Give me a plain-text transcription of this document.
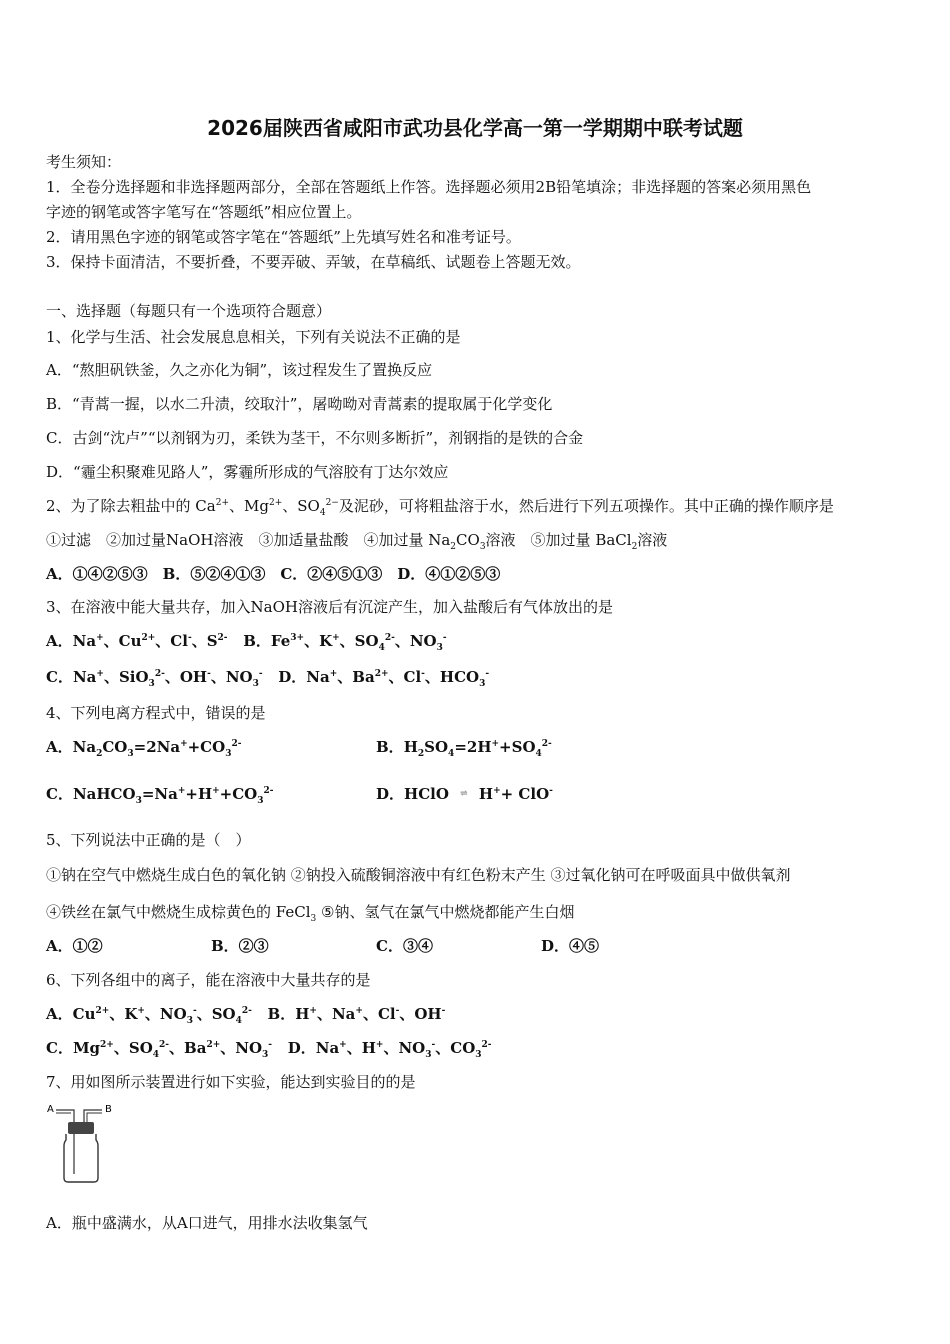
2026届陕西省咸阳市武功县化学高一第一学期期中联考试题
考生须知：
1．全卷分选择题和非选择题两部分，全部在答题纸上作答。选择题必须用2B铅笔填涂；非选择题的答案必须用黑色
字迹的钢笔或答字笔写在“答题纸”相应位置上。
2．请用黑色字迹的钢笔或答字笔在“答题纸”上先填写姓名和准考证号。
3．保持卡面清洁，不要折叠，不要弄破、弄皱，在草稿纸、试题卷上答题无效。
一、选择题（每题只有一个选项符合题意）
1、化学与生活、社会发展息息相关，下列有关说法不正确的是
A．“熬胆矾铁釜，久之亦化为铜”，该过程发生了置换反应
B．“青蒿一握，以水二升渍，绞取汁”，屠呦呦对青蒿素的提取属于化学变化
C．古剑“沈卢”“以剂钢为刃，柔铁为茎干，不尔则多断折”，剂钢指的是铁的合金
D．“霾尘积聚难见路人”，雾霾所形成的气溶胶有丁达尔效应
2、为了除去粗盐中的 $Ca^{2+}$、$Mg^{2+}$、$SO_4^{2-}$及泥砂，可将粗盐溶于水，然后进行下列五项操作。其中正确的操作顺序是
①过滤　②加过量NaOH溶液　③加适量盐酸　④加过量 $Na_2CO_3$溶液　⑤加过量 BaCl$_2$溶液
A．①④②⑤③　B．⑤②④①③　C．②④⑤①③　D．④①②⑤③
3、在溶液中能大量共存，加入NaOH溶液后有沉淀产生，加入盐酸后有气体放出的是
A．Na+、$Cu^{2+}$、Cl-、$S^{2-}$ B．$Fe^{3+}$、K+、$SO_4^{2-}$、$NO_3^-$
C．Na+、SiO$_3^{2-}$、OH-、$NO_3^-$ D．Na+、$Ba^{2+}$、Cl-、$HCO_3^-$
4、下列电离方程式中，错误的是
A．$Na_2CO_3=2Na^++CO_3^{2-}$	B．$H_2SO_4=2H^++SO_4^{2-}$
C．$NaHCO_3=Na^++H^++CO_3^{2-}$	D．HClO ⇌ H++ ClO-
5、下列说法中正确的是（　）
①钠在空气中燃烧生成白色的氧化钠 ②钠投入硫酸铜溶液中有红色粉末产生 ③过氧化钠可在呼吸面具中做供氧剂
④铁丝在氯气中燃烧生成棕黄色的 FeCl$_3$ ⑤钠、氢气在氯气中燃烧都能产生白烟
A．①②	B．②③	C．③④	D．④⑤
6、下列各组中的离子，能在溶液中大量共存的是
A．$Cu^{2+}$、K+、$NO_3^-$、$SO_4^{2-}$ B．H+、Na+、Cl-、OH-
C．$Mg^{2+}$、$SO_4^{2-}$、$Ba^{2+}$、$NO_3^-$ D．Na+、H+、$NO_3^-$、$CO_3^{2-}$
7、用如图所示装置进行如下实验，能达到实验目的的是
A	B
A．瓶中盛满水，从A口进气，用排水法收集氢气
